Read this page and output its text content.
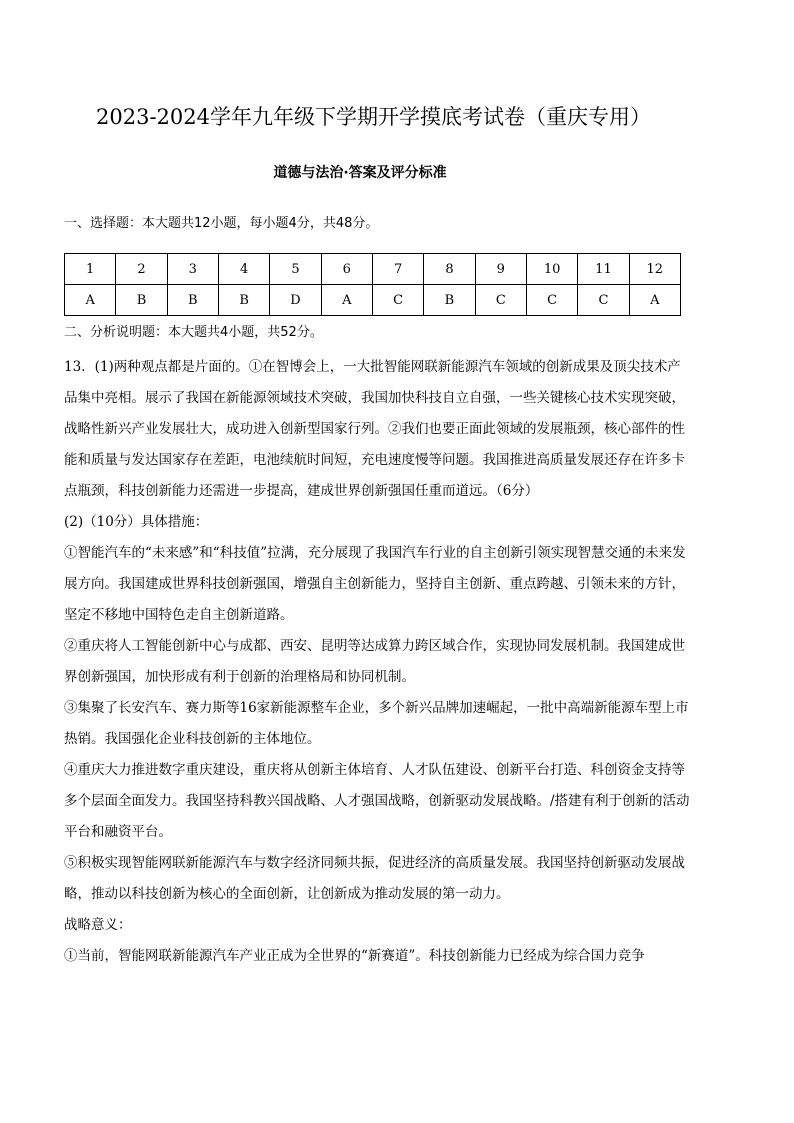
2023-2024学年九年级下学期开学摸底考试卷（重庆专用）
道德与法治·答案及评分标准
一、选择题：本大题共12小题，每小题4分，共48分。
1	2	3	4	5	6	7	8	9	10	11	12
A	B	B	B	D	A	C	B	C	C	C	A
二、分析说明题：本大题共4小题，共52分。

13．(1)两种观点都是片面的。①在智博会上，一大批智能网联新能源汽车领域的创新成果及顶尖技术产品集中亮相。展示了我国在新能源领域技术突破，我国加快科技自立自强，一些关键核心技术实现突破，战略性新兴产业发展壮大，成功进入创新型国家行列。②我们也要正面此领域的发展瓶颈，核心部件的性能和质量与发达国家存在差距，电池续航时间短，充电速度慢等问题。我国推进高质量发展还存在许多卡点瓶颈，科技创新能力还需进一步提高，建成世界创新强国任重而道远。（6分）

(2)（10分）具体措施：

①智能汽车的“未来感”和“科技值”拉满，充分展现了我国汽车行业的自主创新引领实现智慧交通的未来发展方向。我国建成世界科技创新强国，增强自主创新能力，坚持自主创新、重点跨越、引领未来的方针，坚定不移地中国特色走自主创新道路。

②重庆将人工智能创新中心与成都、西安、昆明等达成算力跨区域合作，实现协同发展机制。我国建成世界创新强国，加快形成有利于创新的治理格局和协同机制。

③集聚了长安汽车、赛力斯等16家新能源整车企业，多个新兴品牌加速崛起，一批中高端新能源车型上市热销。我国强化企业科技创新的主体地位。

④重庆大力推进数字重庆建设，重庆将从创新主体培育、人才队伍建设、创新平台打造、科创资金支持等多个层面全面发力。我国坚持科教兴国战略、人才强国战略，创新驱动发展战略。/搭建有利于创新的活动平台和融资平台。

⑤积极实现智能网联新能源汽车与数字经济同频共振，促进经济的高质量发展。我国坚持创新驱动发展战略，推动以科技创新为核心的全面创新，让创新成为推动发展的第一动力。

战略意义：

①当前，智能网联新能源汽车产业正成为全世界的“新赛道”。科技创新能力已经成为综合国力竞争
